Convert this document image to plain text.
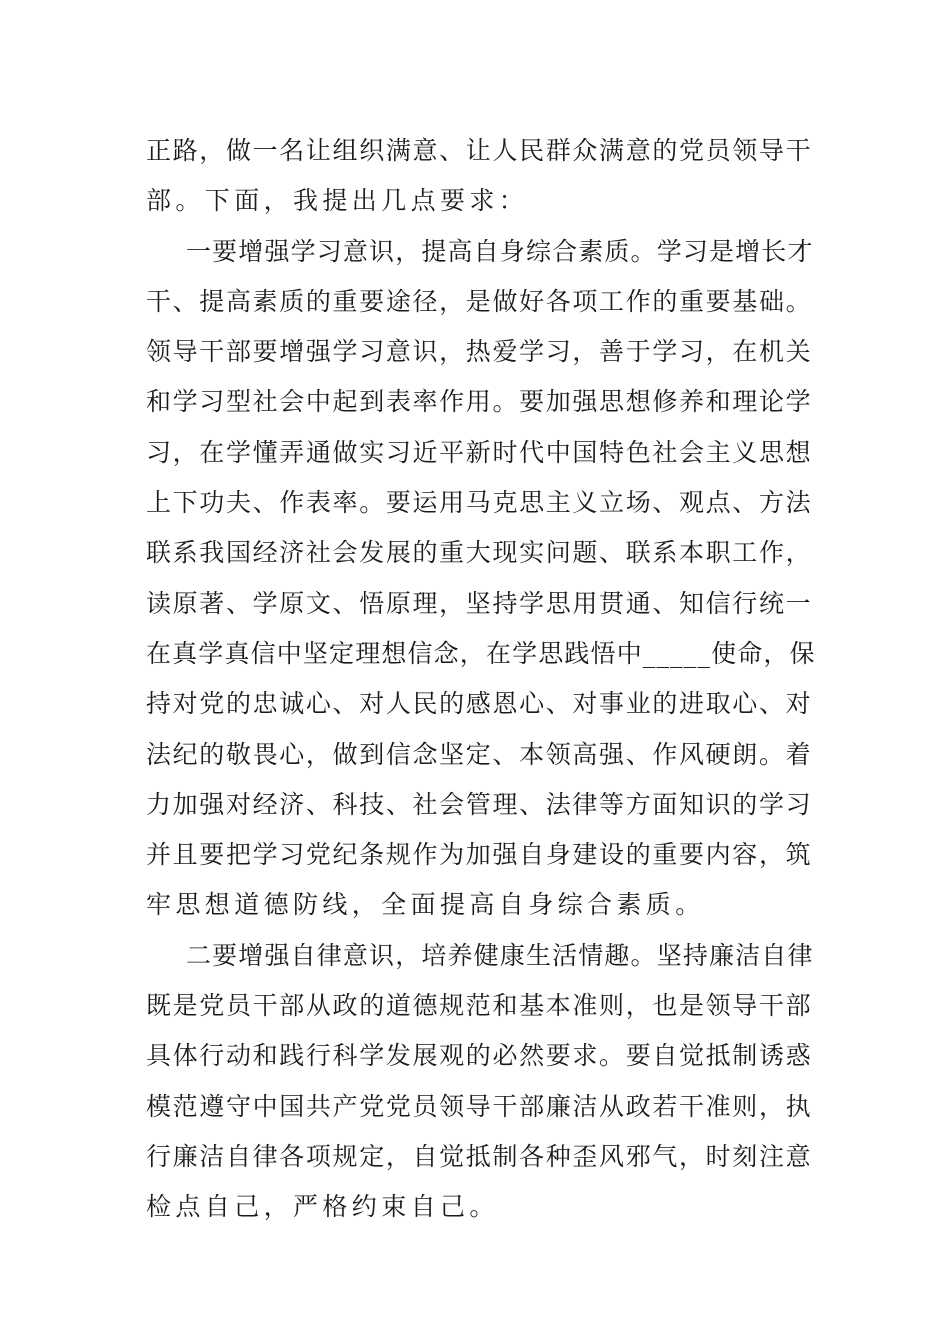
正路，做一名让组织满意、让人民群众满意的党员领导干
部。下面，我提出几点要求：
一要增强学习意识，提高自身综合素质。学习是增长才
干、提高素质的重要途径，是做好各项工作的重要基础。
领导干部要增强学习意识，热爱学习，善于学习，在机关
和学习型社会中起到表率作用。要加强思想修养和理论学
习，在学懂弄通做实习近平新时代中国特色社会主义思想
上下功夫、作表率。要运用马克思主义立场、观点、方法
联系我国经济社会发展的重大现实问题、联系本职工作，
读原著、学原文、悟原理，坚持学思用贯通、知信行统一
在真学真信中坚定理想信念，在学思践悟中_____使命，保
持对党的忠诚心、对人民的感恩心、对事业的进取心、对
法纪的敬畏心，做到信念坚定、本领高强、作风硬朗。着
力加强对经济、科技、社会管理、法律等方面知识的学习
并且要把学习党纪条规作为加强自身建设的重要内容，筑
牢思想道德防线，全面提高自身综合素质。
二要增强自律意识，培养健康生活情趣。坚持廉洁自律
既是党员干部从政的道德规范和基本准则，也是领导干部
具体行动和践行科学发展观的必然要求。要自觉抵制诱惑
模范遵守中国共产党党员领导干部廉洁从政若干准则，执
行廉洁自律各项规定，自觉抵制各种歪风邪气，时刻注意
检点自己，严格约束自己。
